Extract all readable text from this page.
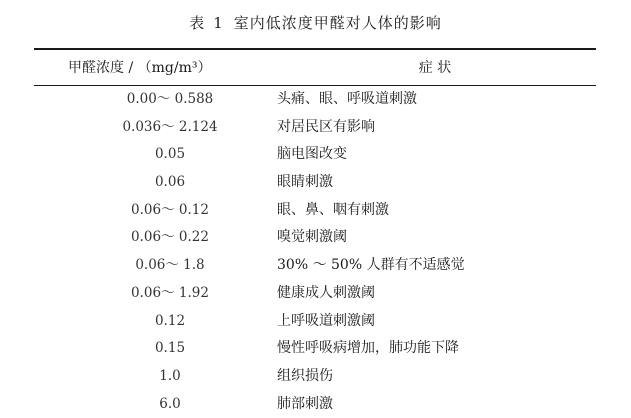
表 1 室内低浓度甲醛对人体的影响
甲醛浓度 / （mg/m³）	症 状
0.00～ 0.588	头痛、眼、呼吸道刺激
0.036～ 2.124	对居民区有影响
0.05	脑电图改变
0.06	眼睛刺激
0.06～ 0.12	眼、鼻、咽有刺激
0.06～ 0.22	嗅觉刺激阈
0.06～ 1.8	30% ～ 50% 人群有不适感觉
0.06～ 1.92	健康成人刺激阈
0.12	上呼吸道刺激阈
0.15	慢性呼吸病增加，肺功能下降
1.0	组织损伤
6.0	肺部刺激
